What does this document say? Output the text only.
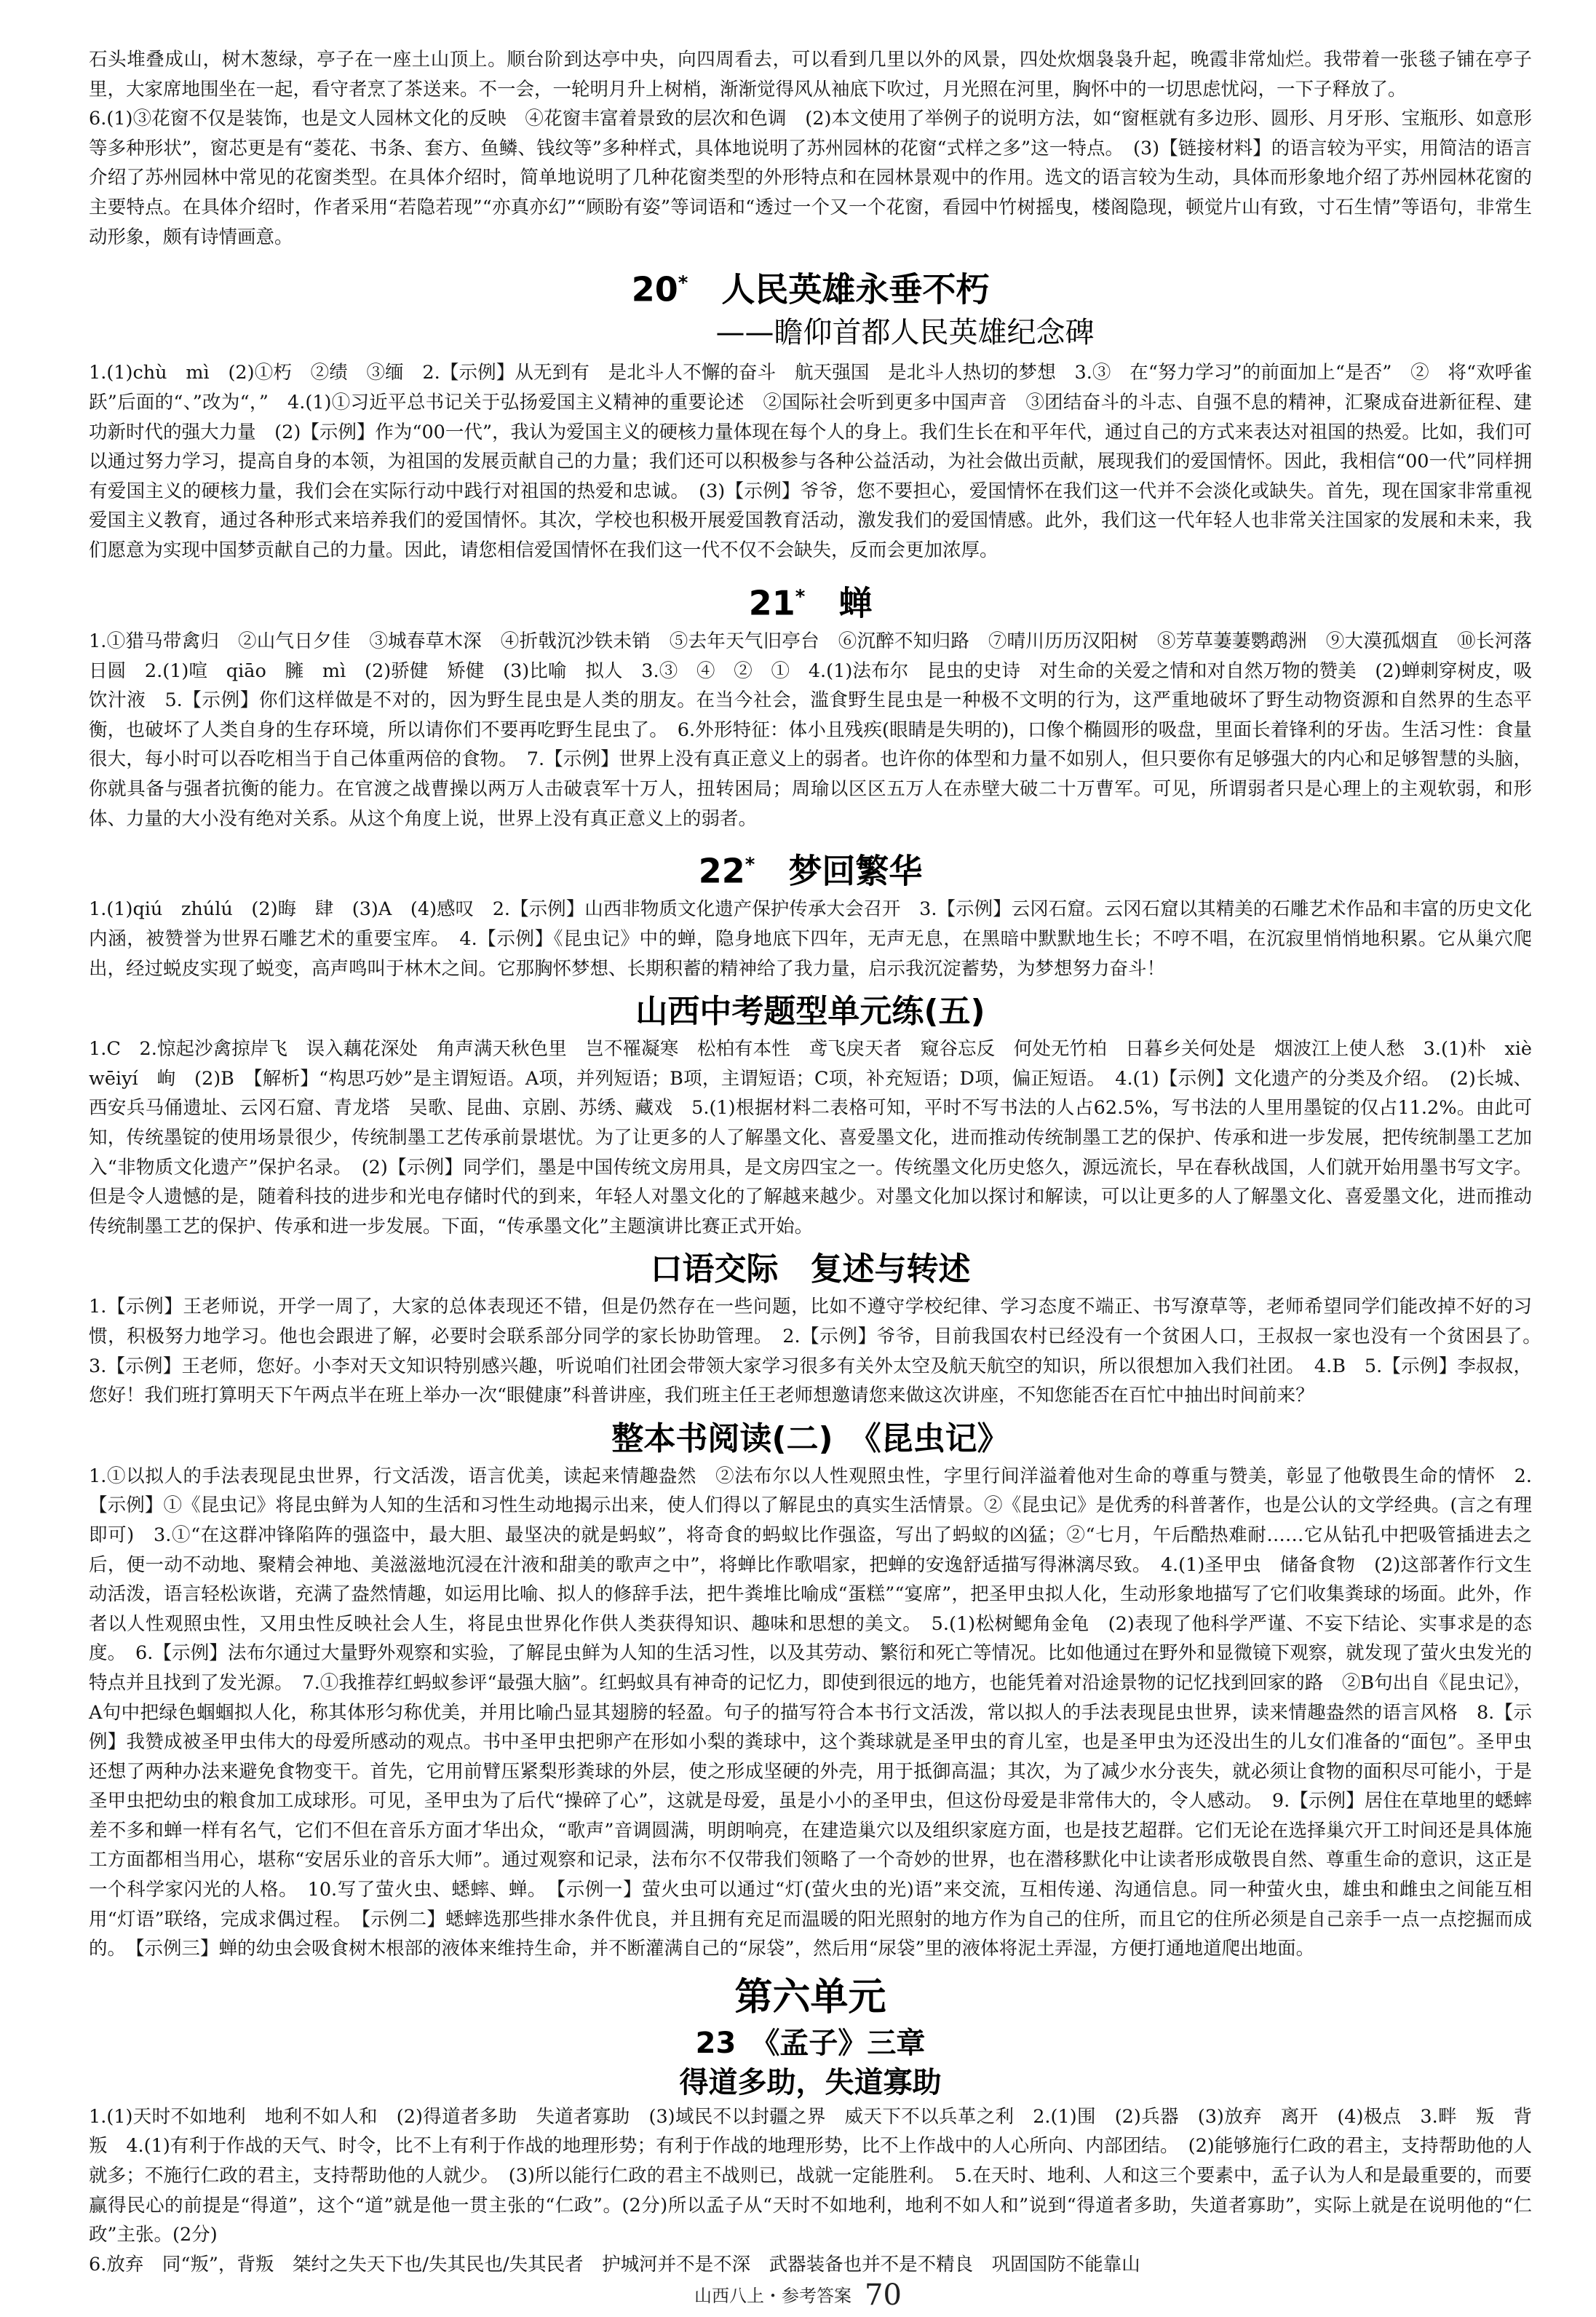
石头堆叠成山，树木葱绿，亭子在一座土山顶上。顺台阶到达亭中央，向四周看去，可以看到几里以外的风景，四处炊烟袅袅升起，晚霞非常灿烂。我带着一张毯子铺在亭子里，大家席地围坐在一起，看守者烹了茶送来。不一会，一轮明月升上树梢，渐渐觉得风从袖底下吹过，月光照在河里，胸怀中的一切思虑忧闷，一下子释放了。

6.(1)③花窗不仅是装饰，也是文人园林文化的反映　④花窗丰富着景致的层次和色调　(2)本文使用了举例子的说明方法，如“窗框就有多边形、圆形、月牙形、宝瓶形、如意形等多种形状”，窗芯更是有“菱花、书条、套方、鱼鳞、钱纹等”多种样式，具体地说明了苏州园林的花窗“式样之多”这一特点。　(3)【链接材料】的语言较为平实，用简洁的语言介绍了苏州园林中常见的花窗类型。在具体介绍时，简单地说明了几种花窗类型的外形特点和在园林景观中的作用。选文的语言较为生动，具体而形象地介绍了苏州园林花窗的主要特点。在具体介绍时，作者采用“若隐若现”“亦真亦幻”“顾盼有姿”等词语和“透过一个又一个花窗，看园中竹树摇曳，楼阁隐现，顿觉片山有致，寸石生情”等语句，非常生动形象，颇有诗情画意。

20*　 人民英雄永垂不朽
——瞻仰首都人民英雄纪念碑

1.(1)chù　mì　(2)①朽　②绩　③缅　2.【示例】从无到有　是北斗人不懈的奋斗　航天强国　是北斗人热切的梦想　3.③　在“努力学习”的前面加上“是否”　②　将“欢呼雀跃”后面的“、”改为“，”　4.(1)①习近平总书记关于弘扬爱国主义精神的重要论述　②国际社会听到更多中国声音　③团结奋斗的斗志、自强不息的精神，汇聚成奋进新征程、建功新时代的强大力量　(2)【示例】作为“00一代”，我认为爱国主义的硬核力量体现在每个人的身上。我们生长在和平年代，通过自己的方式来表达对祖国的热爱。比如，我们可以通过努力学习，提高自身的本领，为祖国的发展贡献自己的力量；我们还可以积极参与各种公益活动，为社会做出贡献，展现我们的爱国情怀。因此，我相信“00一代”同样拥有爱国主义的硬核力量，我们会在实际行动中践行对祖国的热爱和忠诚。　(3)【示例】爷爷，您不要担心，爱国情怀在我们这一代并不会淡化或缺失。首先，现在国家非常重视爱国主义教育，通过各种形式来培养我们的爱国情怀。其次，学校也积极开展爱国教育活动，激发我们的爱国情感。此外，我们这一代年轻人也非常关注国家的发展和未来，我们愿意为实现中国梦贡献自己的力量。因此，请您相信爱国情怀在我们这一代不仅不会缺失，反而会更加浓厚。

21*　 蝉

1.①猎马带禽归　②山气日夕佳　③城春草木深　④折戟沉沙铁未销　⑤去年天气旧亭台　⑥沉醉不知归路　⑦晴川历历汉阳树　⑧芳草萋萋鹦鹉洲　⑨大漠孤烟直　⑩长河落日圆　2.(1)喧　qiāo　臃　mì　(2)骄健　矫健　(3)比喻　拟人　3.③　④　②　①　4.(1)法布尔　昆虫的史诗　对生命的关爱之情和对自然万物的赞美　(2)蝉刺穿树皮，吸饮汁液　5.【示例】你们这样做是不对的，因为野生昆虫是人类的朋友。在当今社会，滥食野生昆虫是一种极不文明的行为，这严重地破坏了野生动物资源和自然界的生态平衡，也破坏了人类自身的生存环境，所以请你们不要再吃野生昆虫了。　6.外形特征：体小且残疾(眼睛是失明的)，口像个椭圆形的吸盘，里面长着锋利的牙齿。生活习性：食量很大，每小时可以吞吃相当于自己体重两倍的食物。　7.【示例】世界上没有真正意义上的弱者。也许你的体型和力量不如别人，但只要你有足够强大的内心和足够智慧的头脑，你就具备与强者抗衡的能力。在官渡之战曹操以两万人击破袁军十万人，扭转困局；周瑜以区区五万人在赤壁大破二十万曹军。可见，所谓弱者只是心理上的主观软弱，和形体、力量的大小没有绝对关系。从这个角度上说，世界上没有真正意义上的弱者。

22*　 梦回繁华

1.(1)qiú　zhúlú　(2)晦　肆　(3)A　(4)感叹　2.【示例】山西非物质文化遗产保护传承大会召开　3.【示例】云冈石窟。云冈石窟以其精美的石雕艺术作品和丰富的历史文化内涵，被赞誉为世界石雕艺术的重要宝库。　4.【示例】《昆虫记》中的蝉，隐身地底下四年，无声无息，在黑暗中默默地生长；不哼不唱，在沉寂里悄悄地积累。它从巢穴爬出，经过蜕皮实现了蜕变，高声鸣叫于林木之间。它那胸怀梦想、长期积蓄的精神给了我力量，启示我沉淀蓄势，为梦想努力奋斗！

山西中考题型单元练(五)

1.C　2.惊起沙禽掠岸飞　误入藕花深处　角声满天秋色里　岂不罹凝寒　松柏有本性　鸢飞戾天者　窥谷忘反　何处无竹柏　日暮乡关何处是　烟波江上使人愁　3.(1)朴　xiè　wēiyí　峋　(2)B　【解析】“构思巧妙”是主谓短语。A项，并列短语；B项，主谓短语；C项，补充短语；D项，偏正短语。　4.(1)【示例】文化遗产的分类及介绍。　(2)长城、西安兵马俑遗址、云冈石窟、青龙塔　吴歌、昆曲、京剧、苏绣、藏戏　5.(1)根据材料二表格可知，平时不写书法的人占62.5%，写书法的人里用墨锭的仅占11.2%。由此可知，传统墨锭的使用场景很少，传统制墨工艺传承前景堪忧。为了让更多的人了解墨文化、喜爱墨文化，进而推动传统制墨工艺的保护、传承和进一步发展，把传统制墨工艺加入“非物质文化遗产”保护名录。　(2)【示例】同学们，墨是中国传统文房用具，是文房四宝之一。传统墨文化历史悠久，源远流长，早在春秋战国，人们就开始用墨书写文字。但是令人遗憾的是，随着科技的进步和光电存储时代的到来，年轻人对墨文化的了解越来越少。对墨文化加以探讨和解读，可以让更多的人了解墨文化、喜爱墨文化，进而推动传统制墨工艺的保护、传承和进一步发展。下面，“传承墨文化”主题演讲比赛正式开始。

口语交际　复述与转述

1.【示例】王老师说，开学一周了，大家的总体表现还不错，但是仍然存在一些问题，比如不遵守学校纪律、学习态度不端正、书写潦草等，老师希望同学们能改掉不好的习惯，积极努力地学习。他也会跟进了解，必要时会联系部分同学的家长协助管理。　2.【示例】爷爷，目前我国农村已经没有一个贫困人口，王叔叔一家也没有一个贫困县了。　3.【示例】王老师，您好。小李对天文知识特别感兴趣，听说咱们社团会带领大家学习很多有关外太空及航天航空的知识，所以很想加入我们社团。　4.B　5.【示例】李叔叔，您好！我们班打算明天下午两点半在班上举办一次“眼健康”科普讲座，我们班主任王老师想邀请您来做这次讲座，不知您能否在百忙中抽出时间前来？

整本书阅读(二)　《昆虫记》

1.①以拟人的手法表现昆虫世界，行文活泼，语言优美，读起来情趣盎然　②法布尔以人性观照虫性，字里行间洋溢着他对生命的尊重与赞美，彰显了他敬畏生命的情怀　2.【示例】①《昆虫记》将昆虫鲜为人知的生活和习性生动地揭示出来，使人们得以了解昆虫的真实生活情景。②《昆虫记》是优秀的科普著作，也是公认的文学经典。(言之有理即可)　3.①“在这群冲锋陷阵的强盗中，最大胆、最坚决的就是蚂蚁”，将奇食的蚂蚁比作强盗，写出了蚂蚁的凶猛；②“七月，午后酷热难耐……它从钻孔中把吸管插进去之后，便一动不动地、聚精会神地、美滋滋地沉浸在汁液和甜美的歌声之中”，将蝉比作歌唱家，把蝉的安逸舒适描写得淋漓尽致。　4.(1)圣甲虫　储备食物　(2)这部著作行文生动活泼，语言轻松诙谐，充满了盎然情趣，如运用比喻、拟人的修辞手法，把牛粪堆比喻成“蛋糕”“宴席”，把圣甲虫拟人化，生动形象地描写了它们收集粪球的场面。此外，作者以人性观照虫性，又用虫性反映社会人生，将昆虫世界化作供人类获得知识、趣味和思想的美文。　5.(1)松树鳃角金龟　(2)表现了他科学严谨、不妄下结论、实事求是的态度。　6.【示例】法布尔通过大量野外观察和实验，了解昆虫鲜为人知的生活习性，以及其劳动、繁衍和死亡等情况。比如他通过在野外和显微镜下观察，就发现了萤火虫发光的特点并且找到了发光源。　7.①我推荐红蚂蚁参评“最强大脑”。红蚂蚁具有神奇的记忆力，即使到很远的地方，也能凭着对沿途景物的记忆找到回家的路　②B句出自《昆虫记》，A句中把绿色蝈蝈拟人化，称其体形匀称优美，并用比喻凸显其翅膀的轻盈。句子的描写符合本书行文活泼，常以拟人的手法表现昆虫世界，读来情趣盎然的语言风格　8.【示例】我赞成被圣甲虫伟大的母爱所感动的观点。书中圣甲虫把卵产在形如小梨的粪球中，这个粪球就是圣甲虫的育儿室，也是圣甲虫为还没出生的儿女们准备的“面包”。圣甲虫还想了两种办法来避免食物变干。首先，它用前臂压紧梨形粪球的外层，使之形成坚硬的外壳，用于抵御高温；其次，为了减少水分丧失，就必须让食物的面积尽可能小，于是圣甲虫把幼虫的粮食加工成球形。可见，圣甲虫为了后代“操碎了心”，这就是母爱，虽是小小的圣甲虫，但这份母爱是非常伟大的，令人感动。　9.【示例】居住在草地里的蟋蟀差不多和蝉一样有名气，它们不但在音乐方面才华出众，“歌声”音调圆满，明朗响亮，在建造巢穴以及组织家庭方面，也是技艺超群。它们无论在选择巢穴开工时间还是具体施工方面都相当用心，堪称“安居乐业的音乐大师”。通过观察和记录，法布尔不仅带我们领略了一个奇妙的世界，也在潜移默化中让读者形成敬畏自然、尊重生命的意识，这正是一个科学家闪光的人格。　10.写了萤火虫、蟋蟀、蝉。　【示例一】萤火虫可以通过“灯(萤火虫的光)语”来交流，互相传递、沟通信息。同一种萤火虫，雄虫和雌虫之间能互相用“灯语”联络，完成求偶过程。　【示例二】蟋蟀选那些排水条件优良，并且拥有充足而温暖的阳光照射的地方作为自己的住所，而且它的住所必须是自己亲手一点一点挖掘而成的。　【示例三】蝉的幼虫会吸食树木根部的液体来维持生命，并不断灌满自己的“尿袋”，然后用“尿袋”里的液体将泥土弄湿，方便打通地道爬出地面。

第六单元
23　《孟子》三章
得道多助，失道寡助

1.(1)天时不如地利　地利不如人和　(2)得道者多助　失道者寡助　(3)域民不以封疆之界　威天下不以兵革之利　2.(1)围　(2)兵器　(3)放弃　离开　(4)极点　3.畔　叛　背叛　4.(1)有利于作战的天气、时令，比不上有利于作战的地理形势；有利于作战的地理形势，比不上作战中的人心所向、内部团结。　(2)能够施行仁政的君主，支持帮助他的人就多；不施行仁政的君主，支持帮助他的人就少。　(3)所以能行仁政的君主不战则已，战就一定能胜利。　5.在天时、地利、人和这三个要素中，孟子认为人和是最重要的，而要赢得民心的前提是“得道”，这个“道”就是他一贯主张的“仁政”。(2分)所以孟子从“天时不如地利，地利不如人和”说到“得道者多助，失道者寡助”，实际上就是在说明他的“仁政”主张。(2分)

6.放弃　同“叛”，背叛　桀纣之失天下也/失其民也/失其民者　护城河并不是不深　武器装备也并不是不精良　巩固国防不能靠山

山西八上・参考答案 70
